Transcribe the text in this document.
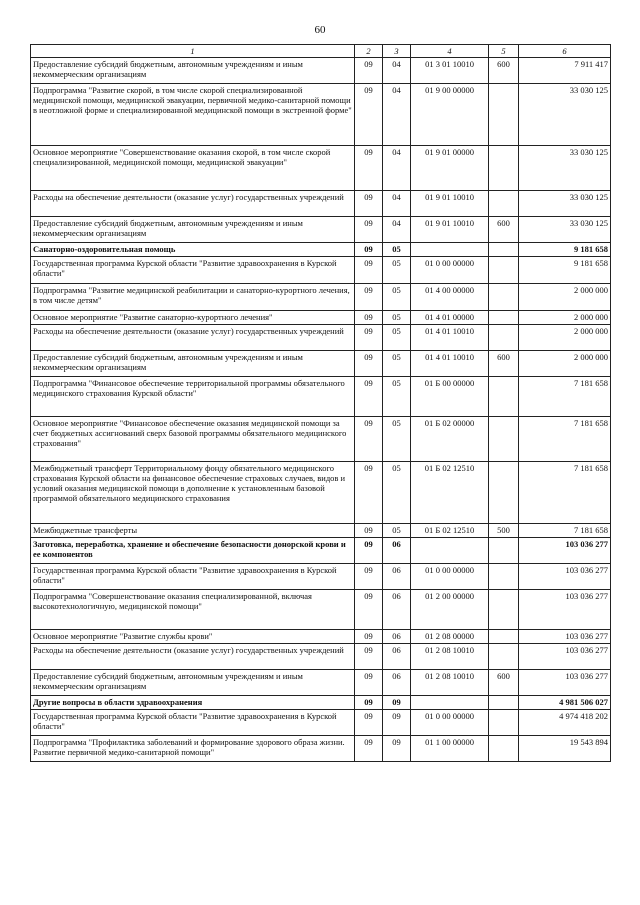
60
1	2	3	4	5	6
Предоставление субсидий бюджетным, автономным учреждениям и иным некоммерческим организациям	09	04	01 3 01 10010	600	7 911 417
Подпрограмма "Развитие скорой, в том числе скорой специализированной медицинской помощи, медицинской эвакуации, первичной медико-санитарной помощи в неотложной форме и специализированной медицинской помощи в экстренной форме"	09	04	01 9 00 00000		33 030 125
Основное мероприятие "Совершенствование оказания скорой, в том числе скорой специализированной, медицинской помощи, медицинской эвакуации"	09	04	01 9 01 00000		33 030 125
Расходы на обеспечение деятельности (оказание услуг) государственных учреждений	09	04	01 9 01 10010		33 030 125
Предоставление субсидий бюджетным, автономным учреждениям и иным некоммерческим организациям	09	04	01 9 01 10010	600	33 030 125
Санаторно-оздоровительная помощь	09	05			9 181 658
Государственная программа Курской области "Развитие здравоохранения в Курской области"	09	05	01 0 00 00000		9 181 658
Подпрограмма "Развитие медицинской реабилитации и санаторно-курортного лечения, в том числе детям"	09	05	01 4 00 00000		2 000 000
Основное мероприятие "Развитие санаторно-курортного лечения"	09	05	01 4 01 00000		2 000 000
Расходы на обеспечение деятельности (оказание услуг) государственных учреждений	09	05	01 4 01 10010		2 000 000
Предоставление субсидий бюджетным, автономным учреждениям и иным некоммерческим организациям	09	05	01 4 01 10010	600	2 000 000
Подпрограмма "Финансовое обеспечение территориальной программы обязательного медицинского страхования Курской области"	09	05	01 Б 00 00000		7 181 658
Основное мероприятие "Финансовое обеспечение оказания медицинской помощи за счет бюджетных ассигнований сверх базовой программы обязательного медицинского страхования"	09	05	01 Б 02 00000		7 181 658
Межбюджетный трансферт Территориальному фонду обязательного медицинского страхования Курской области на финансовое обеспечение страховых случаев, видов и условий оказания медицинской помощи в дополнение к установленным базовой программой обязательного медицинского страхования	09	05	01 Б 02 12510		7 181 658
Межбюджетные трансферты	09	05	01 Б 02 12510	500	7 181 658
Заготовка, переработка, хранение и обеспечение безопасности донорской крови и ее компонентов	09	06			103 036 277
Государственная программа Курской области "Развитие здравоохранения в Курской области"	09	06	01 0 00 00000		103 036 277
Подпрограмма "Совершенствование оказания специализированной, включая высокотехнологичную, медицинской помощи"	09	06	01 2 00 00000		103 036 277
Основное мероприятие "Развитие службы крови"	09	06	01 2 08 00000		103 036 277
Расходы на обеспечение деятельности (оказание услуг) государственных учреждений	09	06	01 2 08 10010		103 036 277
Предоставление субсидий бюджетным, автономным учреждениям и иным некоммерческим организациям	09	06	01 2 08 10010	600	103 036 277
Другие вопросы в области здравоохранения	09	09			4 981 506 027
Государственная программа Курской области "Развитие здравоохранения в Курской области"	09	09	01 0 00 00000		4 974 418 202
Подпрограмма "Профилактика заболеваний и формирование здорового образа жизни. Развитие первичной медико-санитарной помощи"	09	09	01 1 00 00000		19 543 894
